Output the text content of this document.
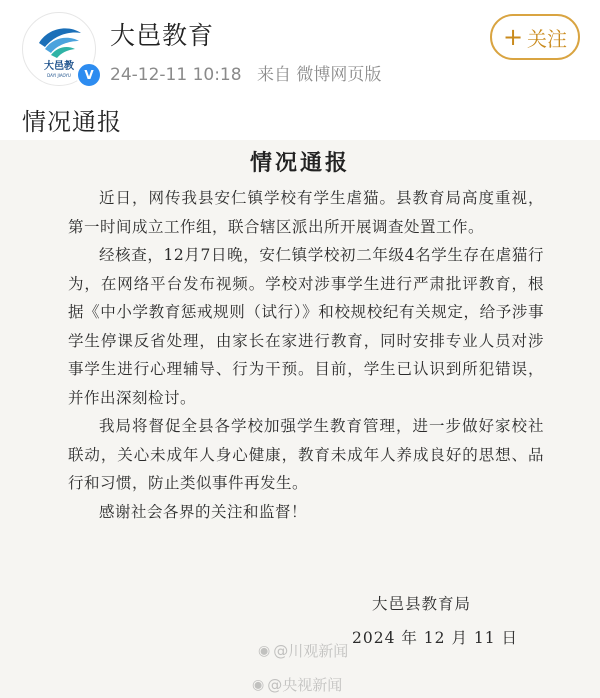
大邑教
DAYI JIAOYU V
大邑教育
24-12-11 10:18 来自 微博网页版
+ 关注
情况通报
情况通报

近日，网传我县安仁镇学校有学生虐猫。县教育局高度重视，第一时间成立工作组，联合辖区派出所开展调查处置工作。

经核查，12月7日晚，安仁镇学校初二年级4名学生存在虐猫行为，在网络平台发布视频。学校对涉事学生进行严肃批评教育，根据《中小学教育惩戒规则（试行）》和校规校纪有关规定，给予涉事学生停课反省处理，由家长在家进行教育，同时安排专业人员对涉事学生进行心理辅导、行为干预。目前，学生已认识到所犯错误，并作出深刻检讨。

我局将督促全县各学校加强学生教育管理，进一步做好家校社联动，关心未成年人身心健康，教育未成年人养成良好的思想、品行和习惯，防止类似事件再发生。

感谢社会各界的关注和监督！

大邑县教育局
2024 年 12 月 11 日
◉ @川观新闻
◉ @央视新闻
